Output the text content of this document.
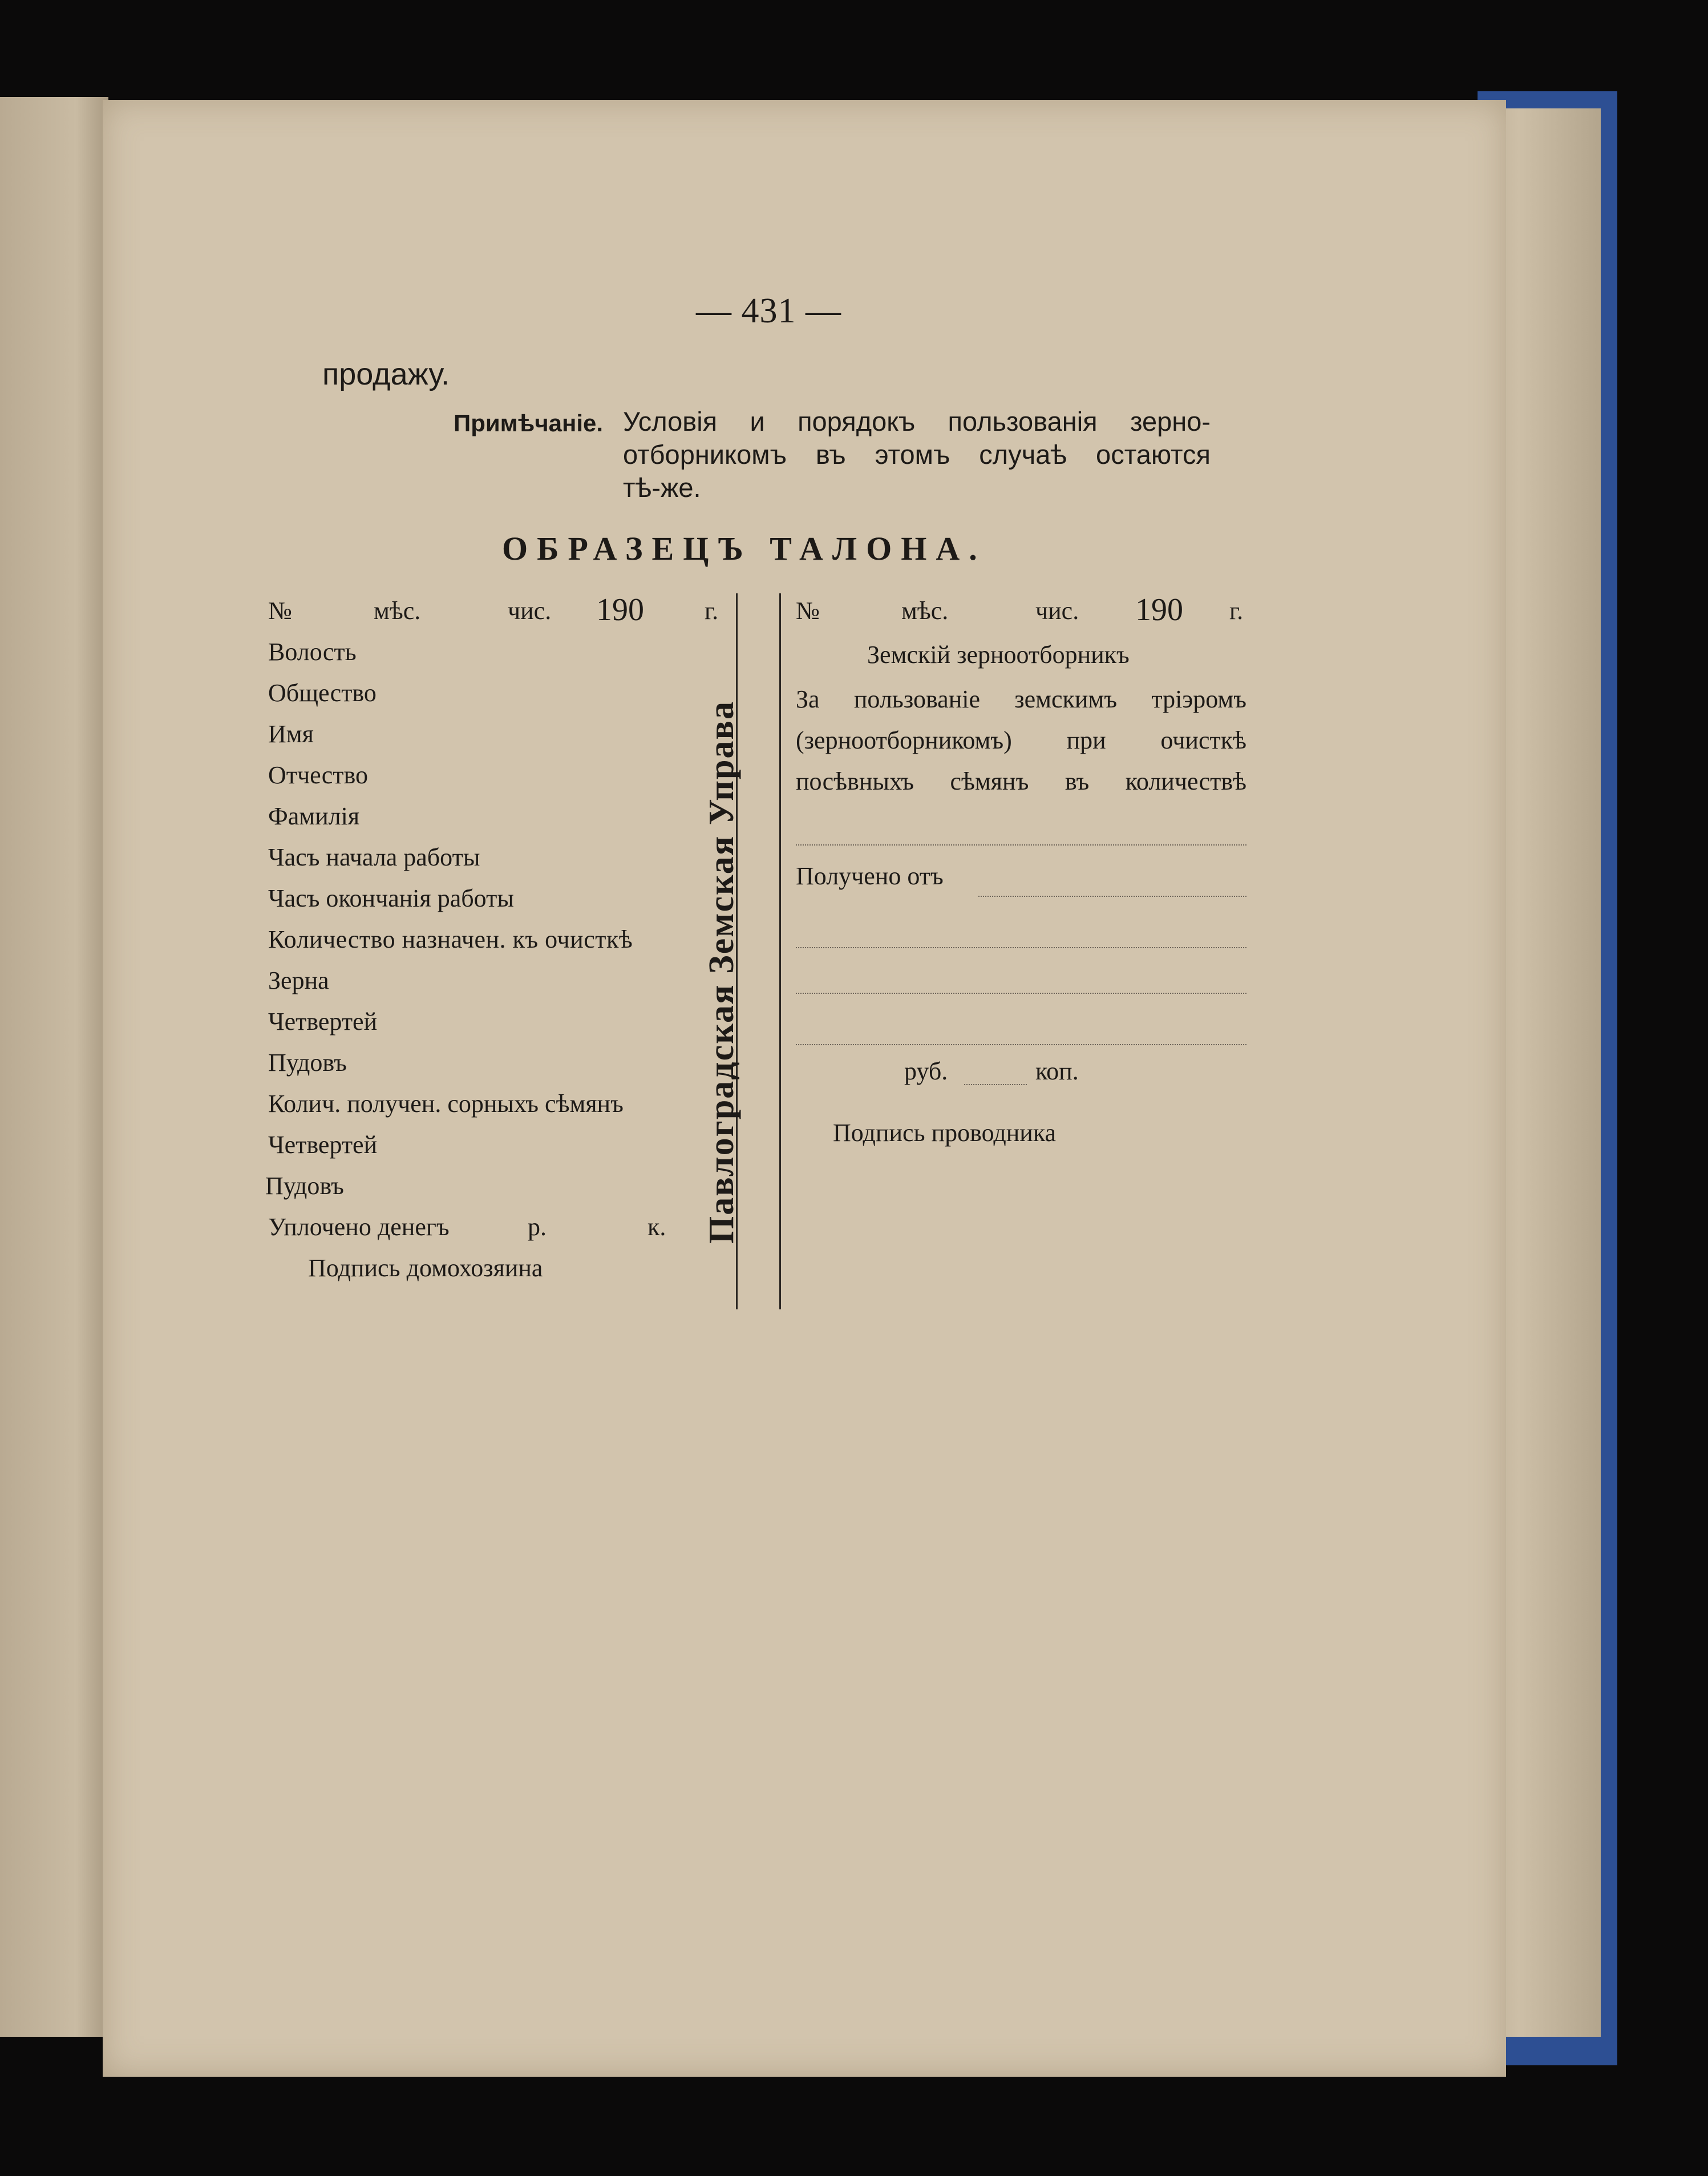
— 431 —
продажу.
Примѣчаніе. Условія и порядокъ пользованія зерно-
отборникомъ въ этомъ случаѣ остаются
тѣ-же.
ОБРАЗЕЦЪ ТАЛОНА.
№	мѣс.	чис. 190 г.
Волость
Общество
Имя
Отчество
Фамилія
Часъ начала работы
Часъ окончанія работы
Количество назначен. къ очисткѣ
Зерна
Четвертей
Пудовъ
Колич. получен. сорныхъ сѣмянъ
Четвертей
Пудовъ
Уплочено денегъ	р.	к.
Подпись домохозяина
Павлоградская Земская Управа
№	мѣс.	чис. 190 г.
Земскій зерноотборникъ
За пользованіе земскимъ тріэромъ
(зерноотборникомъ) при очисткѣ
посѣвныхъ сѣмянъ въ количествѣ
Получено отъ
руб.	коп.
Подпись проводника
